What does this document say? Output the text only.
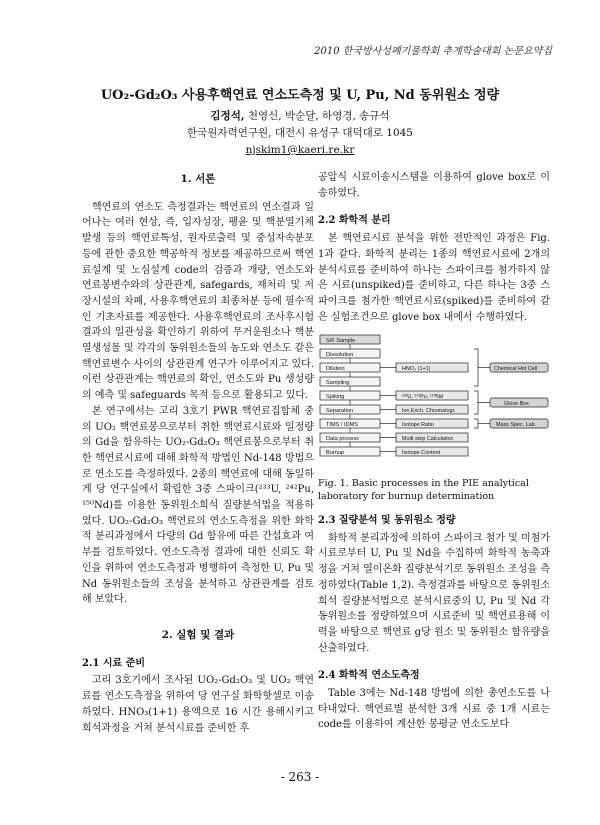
2010 한국방사성폐기물학회 추계학술대회 논문요약집
UO₂-Gd₂O₃ 사용후핵연료 연소도측정 및 U, Pu, Nd 동위원소 정량
김정석, 천영신, 박순달, 하영경, 송규석
한국원자력연구원, 대전시 유성구 대덕대로 1045
njskim1@kaeri.re.kr
1. 서론

핵연료의 연소도 측정결과는 핵연료의 연소결과 일어나는 여러 현상, 즉, 입자성장, 팽윤 및 핵분열기체발생 등의 핵연료특성, 원자로출력 및 중성자속분포 등에 관한 중요한 핵공학적 정보를 제공하므로써 핵연료설계 및 노심설계 code의 검증과 개량, 연소도와 연료봉변수와의 상관관계, safegards, 재처리 및 저장시설의 차폐, 사용후핵연료의 최종처분 등에 필수적인 기초자료를 제공한다. 사용후핵연료의 조사후시험 결과의 일관성을 확인하기 위하여 무거운원소나 핵분열생성물 및 각각의 동위원소들의 농도와 연소도 같은 핵연료변수 사이의 상관관계 연구가 이루어지고 있다. 이런 상관관계는 핵연료의 확인, 연소도와 Pu 생성량의 예측 및 safeguards 목적 등으로 활용되고 있다.

본 연구에서는 고리 3호기 PWR 핵연료집합체 중의 UO₂ 핵연료봉으로부터 취한 핵연료시료와 일정량의 Gd을 함유하는 UO₂-Gd₂O₃ 핵연료봉으로부터 취한 핵연료시료에 대해 화학적 방법인 Nd-148 방법으로 연소도를 측정하였다. 2종의 핵연료에 대해 동일하게 당 연구실에서 확립한 3중 스파이크(²³³U, ²⁴²Pu, ¹⁵⁰Nd)를 이용한 동위원소희석 질량분석법을 적용하였다. UO₂-Gd₂O₃ 핵연료의 연소도측정을 위한 화학적 분리과정에서 다량의 Gd 함유에 따른 간섭효과 여부를 검토하였다. 연소도측정 결과에 대한 신뢰도 확인을 위하여 연소도측정과 병행하여 측정한 U, Pu 및 Nd 동위원소들의 조성을 분석하고 상관관계를 검토해 보았다.

2. 실험 및 결과
2.1 시료 준비

고리 3호기에서 조사된 UO₂-Gd₂O₃ 및 UO₂ 핵연료를 연소도측정을 위하여 당 연구실 화학핫셀로 이송하였다. HNO₃(1+1) 용액으로 16 시간 용해시키고 희석과정을 거쳐 분석시료를 준비한 후

공압식 시료이송시스템을 이용하여 glove box로 이송하였다.

2.2 화학적 분리

본 핵연료시료 분석을 위한 전반적인 과정은 Fig. 1과 같다. 화학적 분리는 1종의 핵연료시료에 2개의 분석시료를 준비하여 하나는 스파이크를 첨가하지 않은 시료(unspiked)를 준비하고, 다른 하나는 3중 스파이크를 첨가한 핵연료시료(spiked)를 준비하여 같은 실험조건으로 glove box 내에서 수행하였다.

S/F Sample
Dissolution
Dilution
Sampling
Spiking
Separation
TIMS / IDMS
Data process
Burnup
HNO₃ (1+1)
²³³U, ²⁴²Pu, ¹⁵⁰Nd
Ion Exch. Chromatogr.
Isotope Ratio
Multi-step Calculation
Isotope Content
Chemical Hot Cell
Glove Box
Mass Spec. Lab.

Fig. 1. Basic processes in the PIE analytical laboratory for burnup determination

2.3 질량분석 및 동위원소 정량

화학적 분리과정에 의하여 스파이크 첨가 및 미첨가시료로부터 U, Pu 및 Nd을 수집하여 화학적 농축과정을 거쳐 열이온화 질량분석기로 동위원소 조성을 측정하였다(Table 1,2). 측정결과를 바탕으로 동위원소희석 질량분석법으로 분석시료중의 U, Pu 및 Nd 각 동위원소를 정량하였으며 시료준비 및 핵연료용해 이력을 바탕으로 핵연료 g당 원소 및 동위원소 함유량을 산출하였다.

2.4 화학적 연소도측정

Table 3에는 Nd-148 방법에 의한 총연소도를 나타내었다. 핵연료별 분석한 3개 시료 중 1개 시료는 code를 이용하여 계산한 봉평균 연소도보다

- 263 -
